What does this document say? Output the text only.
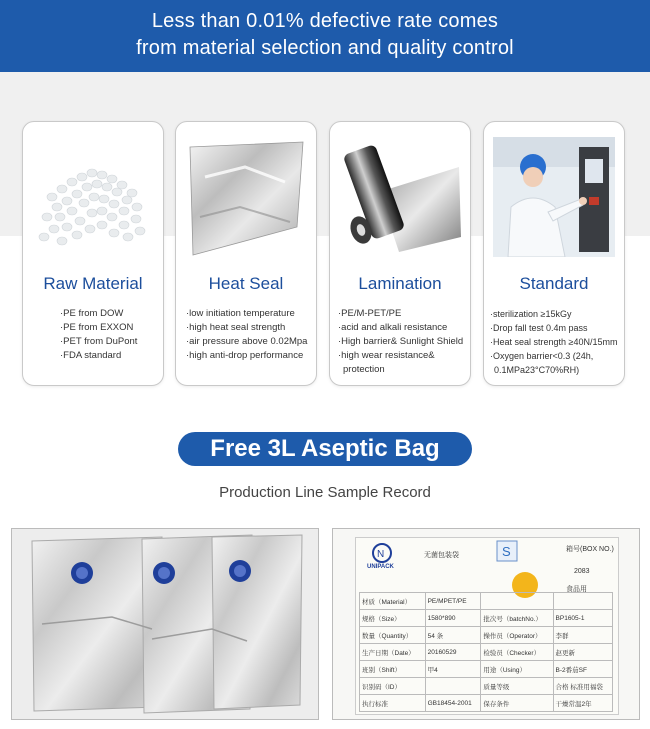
Less than 0.01% defective rate comes
from material selection and quality control
Raw Material
·PE from DOW
·PE from EXXON
·PET from DuPont
·FDA standard
Heat Seal
·low initiation temperature
·high heat seal strength
·air pressure above 0.02Mpa
·high anti-drop performance
Lamination
·PE/M-PET/PE
·acid and alkali resistance
·High barrier& Sunlight Shield
·high wear resistance&
protection
Standard
·sterilization ≥15kGy
·Drop fall test 0.4m pass
·Heat seal strength ≥40N/15mm
·Oxygen barrier<0.3 (24h,
0.1MPa23°C70%RH)
Free 3L Aseptic Bag
Production Line Sample Record
N
UNIPACK
无菌包装袋	S	箱号(BOX NO.)
2083
食品用
材质（Material）	PE/MPET/PE		
规格（Size）	1580*890	批次号（batchNo.）	BP1605-1
数量（Quantity）	54 条	操作员（Operator）	李群
生产日期（Date）	20160529	检验员（Checker）	赵更新
班别（Shift）	甲4	用途（Using）	B-2番茄SF
识别码（ID）		质量等级	合格 标准用福袋
执行标准	GB18454-2001	保存条件	干燥常温2年
